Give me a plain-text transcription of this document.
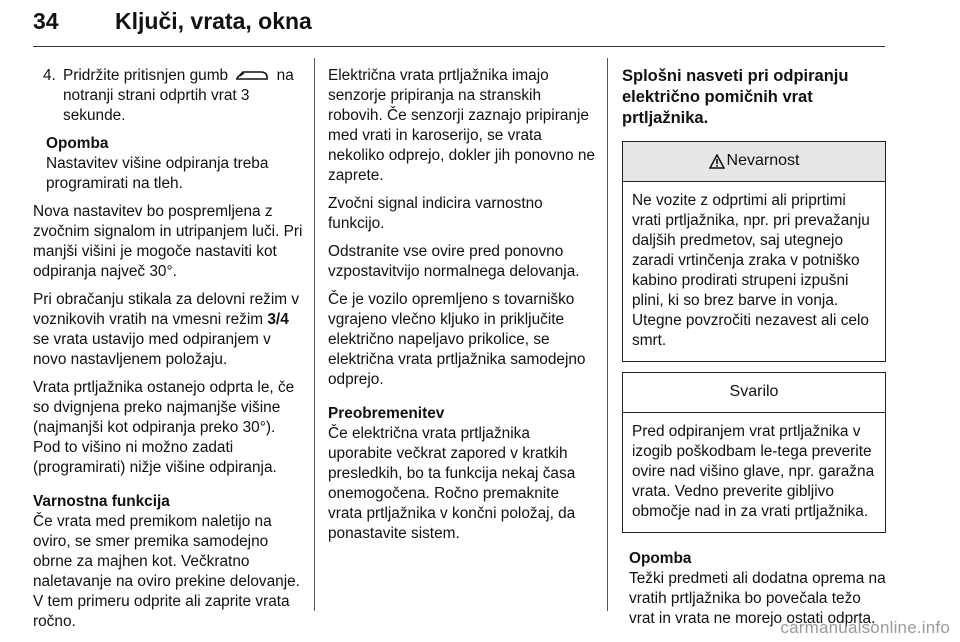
34 Ključi, vrata, okna
4. Pridržite pritisnjen gumb	na notranji strani odprtih vrat 3 sekunde.
Opomba
Nastavitev višine odpiranja treba programirati na tleh.

Nova nastavitev bo pospremljena z zvočnim signalom in utripanjem luči. Pri manjši višini je mogoče nastaviti kot odpiranja največ 30°.

Pri obračanju stikala za delovni režim v voznikovih vratih na vmesni režim 3/4 se vrata ustavijo med odpiranjem v novo nastavljenem položaju.

Vrata prtljažnika ostanejo odprta le, če so dvignjena preko najmanjše višine (najmanjši kot odpiranja preko 30°). Pod to višino ni možno zadati (programirati) nižje višine odpiranja.

Varnostna funkcija

Če vrata med premikom naletijo na oviro, se smer premika samodejno obrne za majhen kot. Večkratno naletavanje na oviro prekine delovanje. V tem primeru odprite ali zaprite vrata ročno.

Električna vrata prtljažnika imajo senzorje pripiranja na stranskih robovih. Če senzorji zaznajo pripiranje med vrati in karoserijo, se vrata nekoliko odprejo, dokler jih ponovno ne zaprete.

Zvočni signal indicira varnostno funkcijo.

Odstranite vse ovire pred ponovno vzpostavitvijo normalnega delovanja.

Če je vozilo opremljeno s tovarniško vgrajeno vlečno kljuko in priključite električno napeljavo prikolice, se električna vrata prtljažnika samodejno odprejo.

Preobremenitev

Če električna vrata prtljažnika uporabite večkrat zapored v kratkih presledkih, bo ta funkcija nekaj časa onemogočena. Ročno premaknite vrata prtljažnika v končni položaj, da ponastavite sistem.

Splošni nasveti pri odpiranju električno pomičnih vrat prtljažnika.
Nevarnost
Ne vozite z odprtimi ali priprtimi vrati prtljažnika, npr. pri prevažanju daljših predmetov, saj utegnejo zaradi vrtinčenja zraka v potniško kabino prodirati strupeni izpušni plini, ki so brez barve in vonja. Utegne povzročiti nezavest ali celo smrt.
Svarilo
Pred odpiranjem vrat prtljažnika v izogib poškodbam le-tega preverite ovire nad višino glave, npr. garažna vrata. Vedno preverite gibljivo območje nad in za vrati prtljažnika.
Opomba
Težki predmeti ali dodatna oprema na vratih prtljažnika bo povečala težo vrat in vrata ne morejo ostati odprta.
carmanualsonline.info
